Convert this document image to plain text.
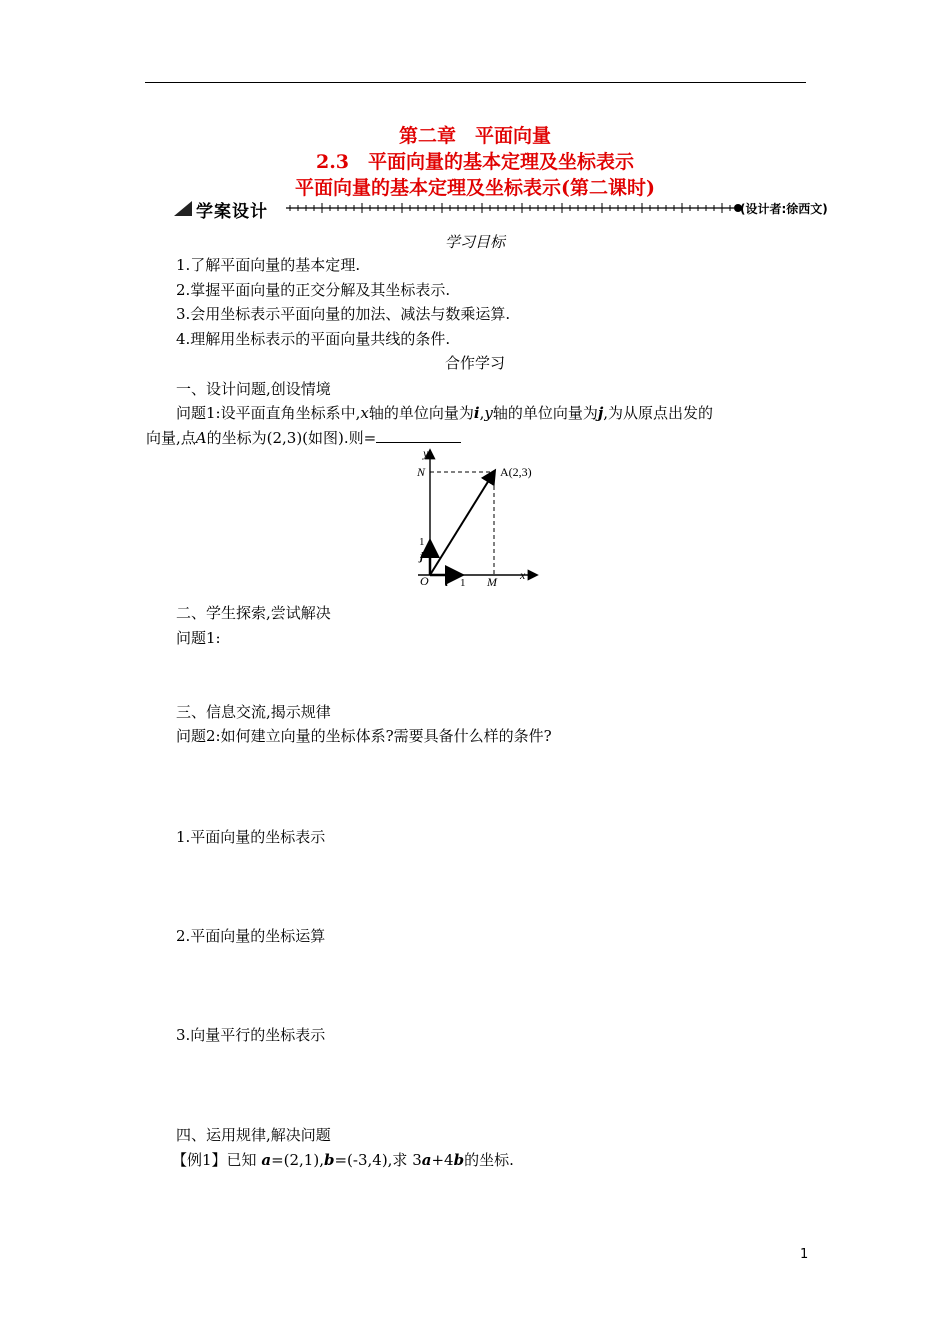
第二章　平面向量
2.3　平面向量的基本定理及坐标表示
平面向量的基本定理及坐标表示(第二课时)
学案设计	(设计者:徐西文)
学习目标
1.了解平面向量的基本定理.
2.掌握平面向量的正交分解及其坐标表示.
3.会用坐标表示平面向量的加法、减法与数乘运算.
4.理解用坐标表示的平面向量共线的条件.
合作学习
一、设计问题,创设情境
问题1:设平面直角坐标系中,x轴的单位向量为i,y轴的单位向量为j,为从原点出发的
向量,点A的坐标为(2,3)(如图).则=
y
x
N	A(2,3)
1
j
O i 1 M
二、学生探索,尝试解决
问题1:
三、信息交流,揭示规律
问题2:如何建立向量的坐标体系?需要具备什么样的条件?
1.平面向量的坐标表示
2.平面向量的坐标运算
3.向量平行的坐标表示
四、运用规律,解决问题
【例1】已知 a=(2,1),b=(-3,4),求 3a+4b的坐标.
1
